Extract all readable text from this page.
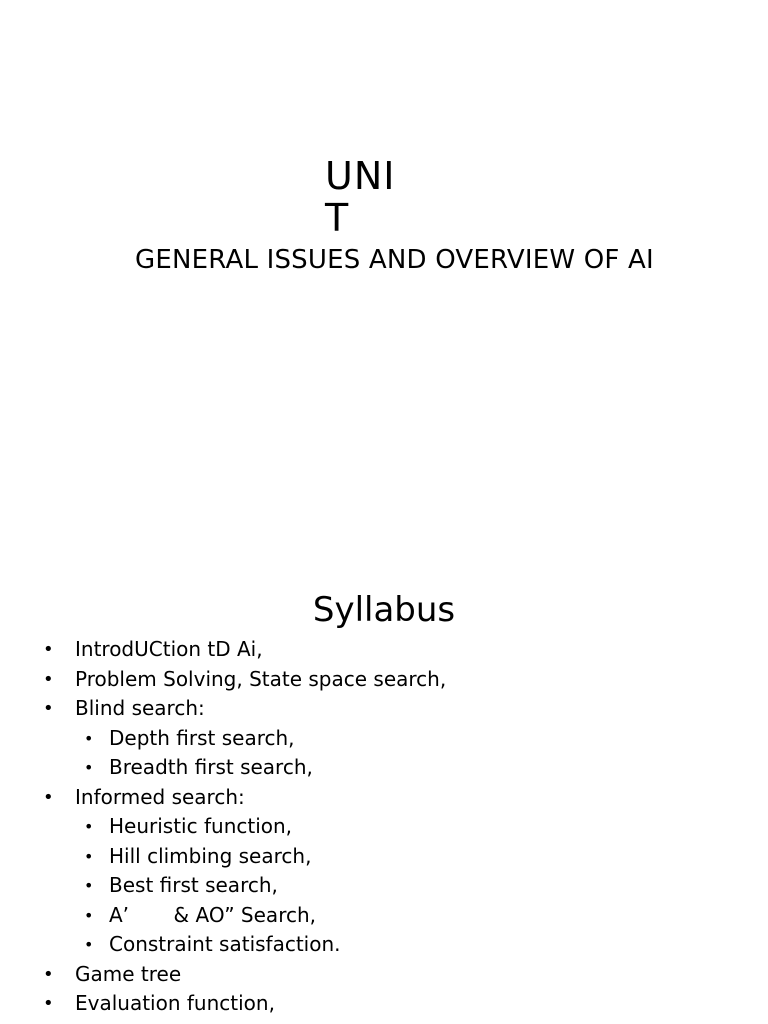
UNIT
GENERAL ISSUES AND OVERVIEW OF AI
Syllabus
• IntrodUCtion tD Ai,
• Problem Solving, State space search,
• Blind search:
• Depth first search,
• Breadth first search,
• Informed search:
• Heuristic function,
• Hill climbing search,
• Best first search,
• A’       & AO” Search,
• Constraint satisfaction.
• Game tree
• Evaluation function,
